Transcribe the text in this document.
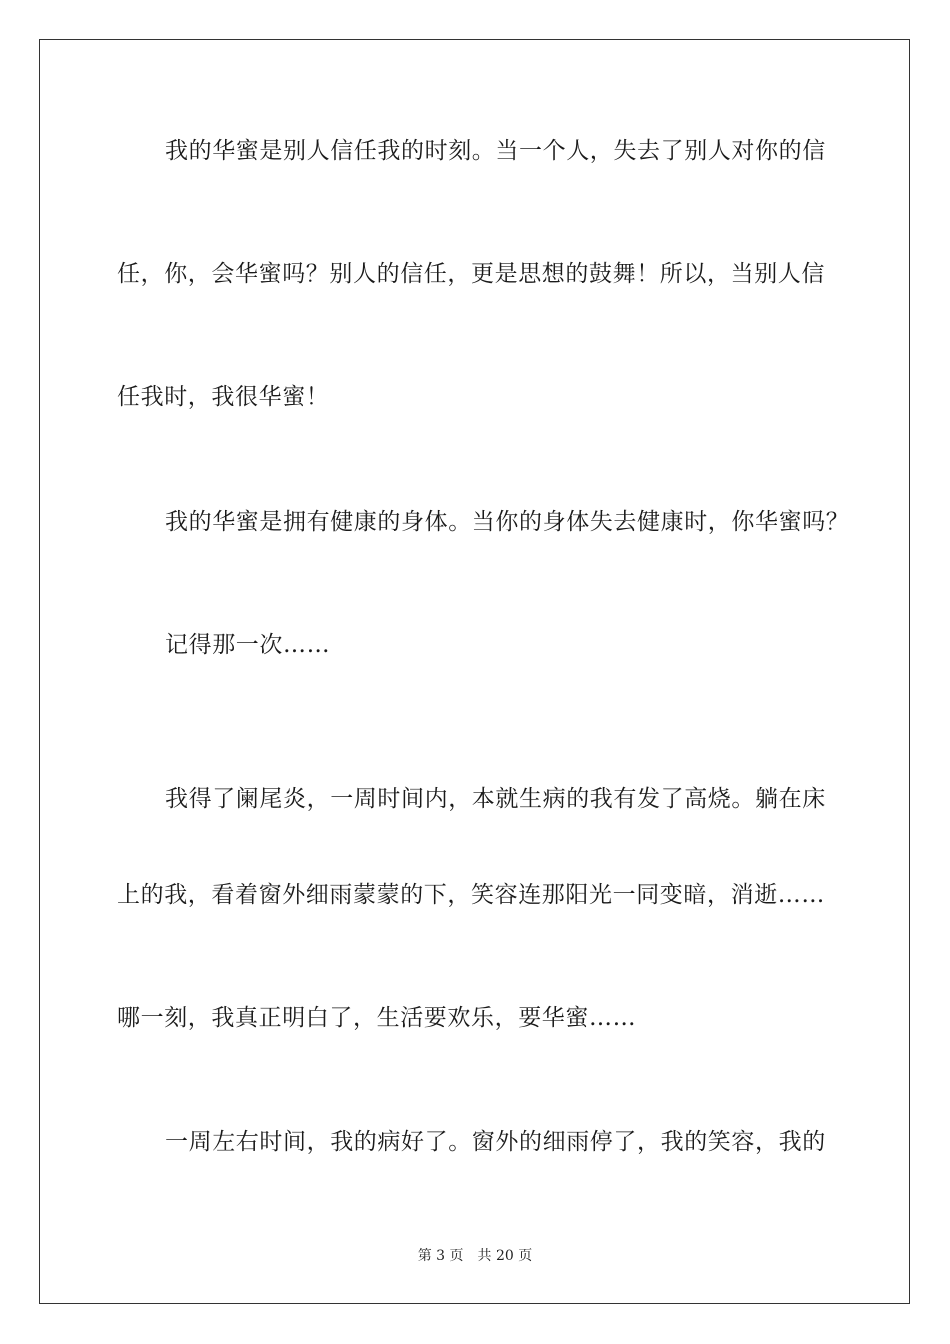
我的华蜜是别人信任我的时刻。当一个人，失去了别人对你的信
任，你，会华蜜吗？别人的信任，更是思想的鼓舞！所以，当别人信
任我时，我很华蜜！
我的华蜜是拥有健康的身体。当你的身体失去健康时，你华蜜吗？
记得那一次……
我得了阑尾炎，一周时间内，本就生病的我有发了高烧。躺在床
上的我，看着窗外细雨蒙蒙的下，笑容连那阳光一同变暗，消逝……
哪一刻，我真正明白了，生活要欢乐，要华蜜……
一周左右时间，我的病好了。窗外的细雨停了，我的笑容，我的
第 3 页 共 20 页
